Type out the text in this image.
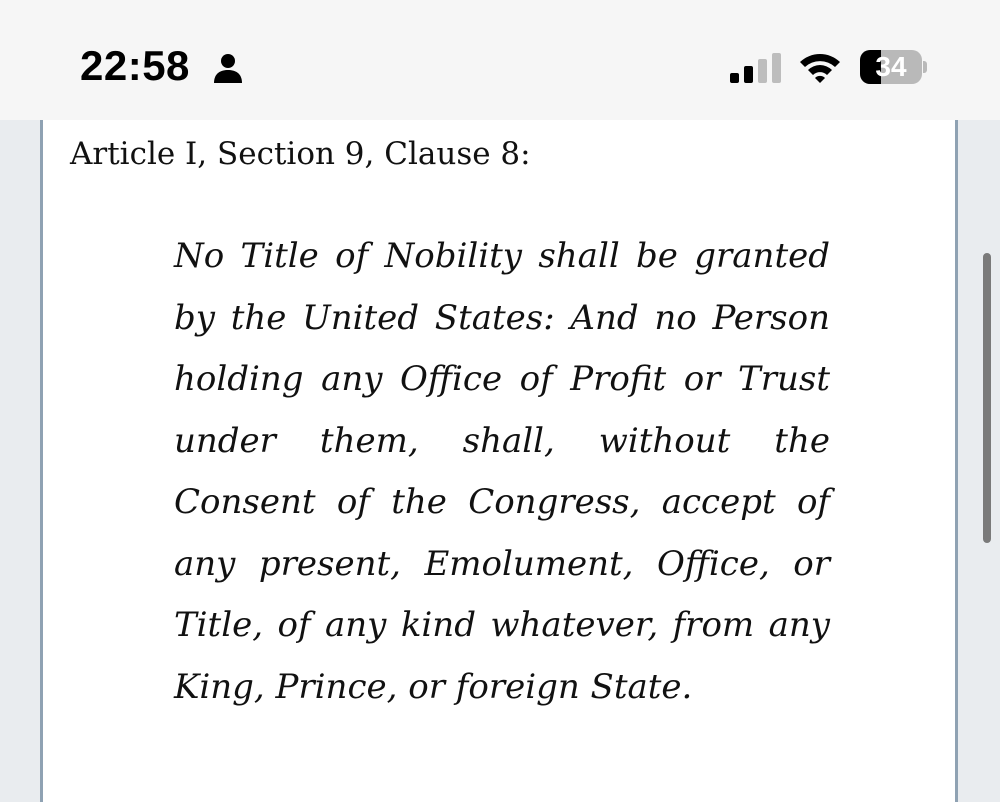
22:58	34

Article I, Section 9, Clause 8:

No Title of Nobility shall be granted by the United States: And no Person holding any Office of Profit or Trust under them, shall, without the Consent of the Congress, accept of any present, Emolument, Office, or Title, of any kind whatever, from any King, Prince, or foreign State.
